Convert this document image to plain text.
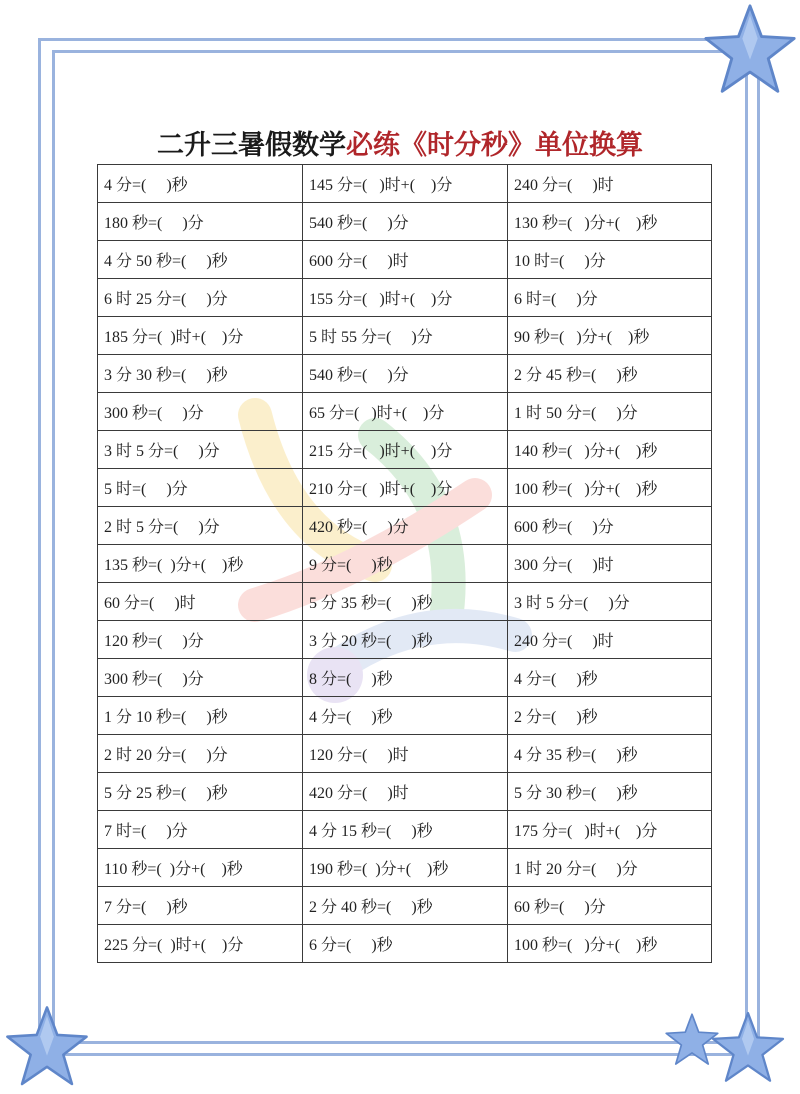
二升三暑假数学必练《时分秒》单位换算
4 分=(     )秒	145 分=(   )时+(    )分	240 分=(     )时
180 秒=(     )分	540 秒=(     )分	130 秒=(   )分+(    )秒
4 分 50 秒=(     )秒	600 分=(     )时	10 时=(     )分
6 时 25 分=(     )分	155 分=(   )时+(    )分	6 时=(     )分
185 分=(  )时+(    )分	5 时 55 分=(     )分	90 秒=(   )分+(    )秒
3 分 30 秒=(     )秒	540 秒=(     )分	2 分 45 秒=(     )秒
300 秒=(     )分	65 分=(   )时+(    )分	1 时 50 分=(     )分
3 时 5 分=(     )分	215 分=(   )时+(    )分	140 秒=(   )分+(    )秒
5 时=(     )分	210 分=(   )时+(    )分	100 秒=(   )分+(    )秒
2 时 5 分=(     )分	420 秒=(     )分	600 秒=(     )分
135 秒=(  )分+(    )秒	9 分=(     )秒	300 分=(     )时
60 分=(     )时	5 分 35 秒=(     )秒	3 时 5 分=(     )分
120 秒=(     )分	3 分 20 秒=(     )秒	240 分=(     )时
300 秒=(     )分	8 分=(     )秒	4 分=(     )秒
1 分 10 秒=(     )秒	4 分=(     )秒	2 分=(     )秒
2 时 20 分=(     )分	120 分=(     )时	4 分 35 秒=(     )秒
5 分 25 秒=(     )秒	420 分=(     )时	5 分 30 秒=(     )秒
7 时=(     )分	4 分 15 秒=(     )秒	175 分=(   )时+(    )分
110 秒=(  )分+(    )秒	190 秒=(  )分+(    )秒	1 时 20 分=(     )分
7 分=(     )秒	2 分 40 秒=(     )秒	60 秒=(     )分
225 分=(  )时+(    )分	6 分=(     )秒	100 秒=(   )分+(    )秒
